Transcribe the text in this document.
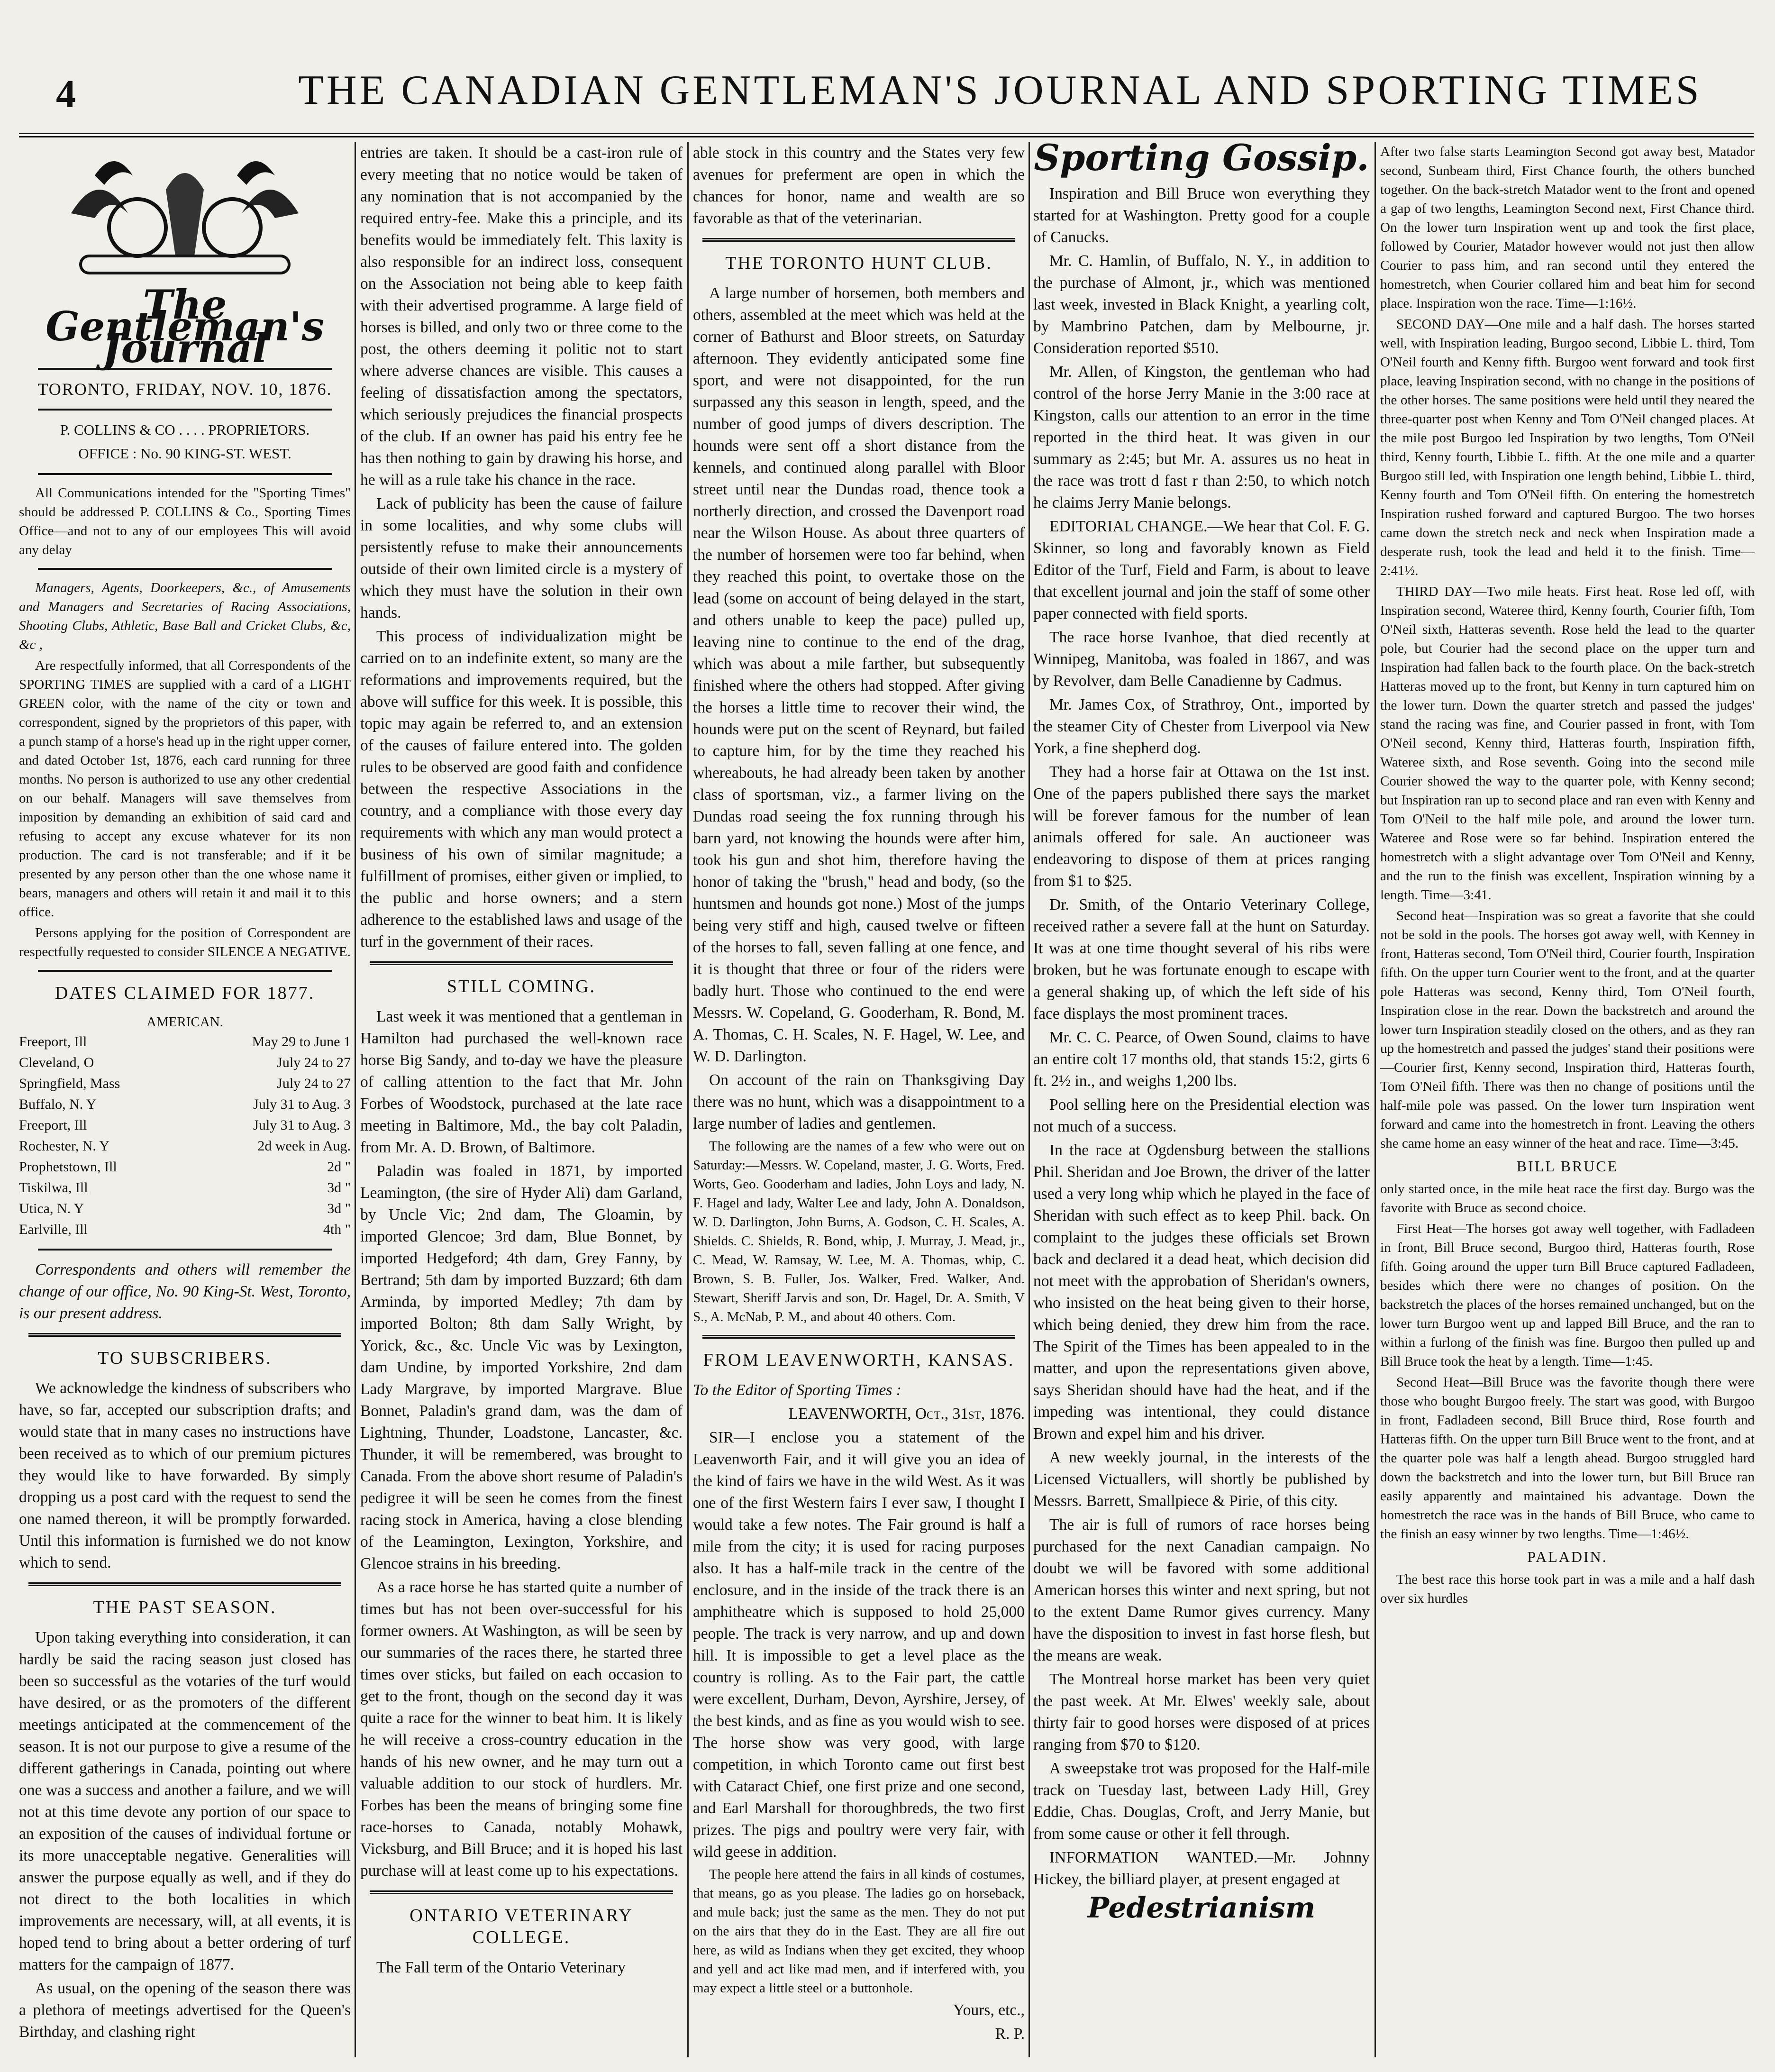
4	THE CANADIAN GENTLEMAN'S JOURNAL AND SPORTING TIMES
The Gentleman's Journal

TORONTO, FRIDAY, NOV. 10, 1876.

P. COLLINS & CO . . . . PROPRIETORS.

OFFICE : No. 90 KING-ST. WEST.

All Communications intended for the "Sporting Times" should be addressed P. COLLINS & Co., Sporting Times Office—and not to any of our employees This will avoid any delay

Managers, Agents, Doorkeepers, &c., of Amusements and Managers and Secretaries of Racing Associations, Shooting Clubs, Athletic, Base Ball and Cricket Clubs, &c, &c ,

Are respectfully informed, that all Correspondents of the SPORTING TIMES are supplied with a card of a LIGHT GREEN color, with the name of the city or town and correspondent, signed by the proprietors of this paper, with a punch stamp of a horse's head up in the right upper corner, and dated October 1st, 1876, each card running for three months. No person is authorized to use any other credential on our behalf. Managers will save themselves from imposition by demanding an exhibition of said card and refusing to accept any excuse whatever for its non production. The card is not transferable; and if it be presented by any person other than the one whose name it bears, managers and others will retain it and mail it to this office.

Persons applying for the position of Correspondent are respectfully requested to consider SILENCE A NEGATIVE.

DATES CLAIMED FOR 1877.
AMERICAN.
Freeport, Ill	May 29 to June 1
Cleveland, O	July 24 to 27
Springfield, Mass	July 24 to 27
Buffalo, N. Y	July 31 to Aug. 3
Freeport, Ill	July 31 to Aug. 3
Rochester, N. Y	2d week in Aug.
Prophetstown, Ill	2d "
Tiskilwa, Ill	3d "
Utica, N. Y	3d "
Earlville, Ill	4th "

Correspondents and others will remember the change of our office, No. 90 King-St. West, Toronto, is our present address.

TO SUBSCRIBERS.

We acknowledge the kindness of subscribers who have, so far, accepted our subscription drafts; and would state that in many cases no instructions have been received as to which of our premium pictures they would like to have forwarded. By simply dropping us a post card with the request to send the one named thereon, it will be promptly forwarded. Until this information is furnished we do not know which to send.

THE PAST SEASON.

Upon taking everything into consideration, it can hardly be said the racing season just closed has been so successful as the votaries of the turf would have desired, or as the promoters of the different meetings anticipated at the commencement of the season. It is not our purpose to give a resume of the different gatherings in Canada, pointing out where one was a success and another a failure, and we will not at this time devote any portion of our space to an exposition of the causes of individual fortune or its more unacceptable negative. Generalities will answer the purpose equally as well, and if they do not direct to the both localities in which improvements are necessary, will, at all events, it is hoped tend to bring about a better ordering of turf matters for the campaign of 1877.

As usual, on the opening of the season there was a plethora of meetings advertised for the Queen's Birthday, and clashing right

entries are taken. It should be a cast-iron rule of every meeting that no notice would be taken of any nomination that is not accompanied by the required entry-fee. Make this a principle, and its benefits would be immediately felt. This laxity is also responsible for an indirect loss, consequent on the Association not being able to keep faith with their advertised programme. A large field of horses is billed, and only two or three come to the post, the others deeming it politic not to start where adverse chances are visible. This causes a feeling of dissatisfaction among the spectators, which seriously prejudices the financial prospects of the club. If an owner has paid his entry fee he has then nothing to gain by drawing his horse, and he will as a rule take his chance in the race.

Lack of publicity has been the cause of failure in some localities, and why some clubs will persistently refuse to make their announcements outside of their own limited circle is a mystery of which they must have the solution in their own hands.

This process of individualization might be carried on to an indefinite extent, so many are the reformations and improvements required, but the above will suffice for this week. It is possible, this topic may again be referred to, and an extension of the causes of failure entered into. The golden rules to be observed are good faith and confidence between the respective Associations in the country, and a compliance with those every day requirements with which any man would protect a business of his own of similar magnitude; a fulfillment of promises, either given or implied, to the public and horse owners; and a stern adherence to the established laws and usage of the turf in the government of their races.

STILL COMING.

Last week it was mentioned that a gentleman in Hamilton had purchased the well-known race horse Big Sandy, and to-day we have the pleasure of calling attention to the fact that Mr. John Forbes of Woodstock, purchased at the late race meeting in Baltimore, Md., the bay colt Paladin, from Mr. A. D. Brown, of Baltimore.

Paladin was foaled in 1871, by imported Leamington, (the sire of Hyder Ali) dam Garland, by Uncle Vic; 2nd dam, The Gloamin, by imported Glencoe; 3rd dam, Blue Bonnet, by imported Hedgeford; 4th dam, Grey Fanny, by Bertrand; 5th dam by imported Buzzard; 6th dam Arminda, by imported Medley; 7th dam by imported Bolton; 8th dam Sally Wright, by Yorick, &c., &c. Uncle Vic was by Lexington, dam Undine, by imported Yorkshire, 2nd dam Lady Margrave, by imported Margrave. Blue Bonnet, Paladin's grand dam, was the dam of Lightning, Thunder, Loadstone, Lancaster, &c. Thunder, it will be remembered, was brought to Canada. From the above short resume of Paladin's pedigree it will be seen he comes from the finest racing stock in America, having a close blending of the Leamington, Lexington, Yorkshire, and Glencoe strains in his breeding.

As a race horse he has started quite a number of times but has not been over-successful for his former owners. At Washington, as will be seen by our summaries of the races there, he started three times over sticks, but failed on each occasion to get to the front, though on the second day it was quite a race for the winner to beat him. It is likely he will receive a cross-country education in the hands of his new owner, and he may turn out a valuable addition to our stock of hurdlers. Mr. Forbes has been the means of bringing some fine race-horses to Canada, notably Mohawk, Vicksburg, and Bill Bruce; and it is hoped his last purchase will at least come up to his expectations.

ONTARIO VETERINARY COLLEGE.

The Fall term of the Ontario Veterinary

able stock in this country and the States very few avenues for preferment are open in which the chances for honor, name and wealth are so favorable as that of the veterinarian.

THE TORONTO HUNT CLUB.

A large number of horsemen, both members and others, assembled at the meet which was held at the corner of Bathurst and Bloor streets, on Saturday afternoon. They evidently anticipated some fine sport, and were not disappointed, for the run surpassed any this season in length, speed, and the number of good jumps of divers description. The hounds were sent off a short distance from the kennels, and continued along parallel with Bloor street until near the Dundas road, thence took a northerly direction, and crossed the Davenport road near the Wilson House. As about three quarters of the number of horsemen were too far behind, when they reached this point, to overtake those on the lead (some on account of being delayed in the start, and others unable to keep the pace) pulled up, leaving nine to continue to the end of the drag, which was about a mile farther, but subsequently finished where the others had stopped. After giving the horses a little time to recover their wind, the hounds were put on the scent of Reynard, but failed to capture him, for by the time they reached his whereabouts, he had already been taken by another class of sportsman, viz., a farmer living on the Dundas road seeing the fox running through his barn yard, not knowing the hounds were after him, took his gun and shot him, therefore having the honor of taking the "brush," head and body, (so the huntsmen and hounds got none.) Most of the jumps being very stiff and high, caused twelve or fifteen of the horses to fall, seven falling at one fence, and it is thought that three or four of the riders were badly hurt. Those who continued to the end were Messrs. W. Copeland, G. Gooderham, R. Bond, M. A. Thomas, C. H. Scales, N. F. Hagel, W. Lee, and W. D. Darlington.

On account of the rain on Thanksgiving Day there was no hunt, which was a disappointment to a large number of ladies and gentlemen.

The following are the names of a few who were out on Saturday:—Messrs. W. Copeland, master, J. G. Worts, Fred. Worts, Geo. Gooderham and ladies, John Loys and lady, N. F. Hagel and lady, Walter Lee and lady, John A. Donaldson, W. D. Darlington, John Burns, A. Godson, C. H. Scales, A. Shields. C. Shields, R. Bond, whip, J. Murray, J. Mead, jr., C. Mead, W. Ramsay, W. Lee, M. A. Thomas, whip, C. Brown, S. B. Fuller, Jos. Walker, Fred. Walker, And. Stewart, Sheriff Jarvis and son, Dr. Hagel, Dr. A. Smith, V S., A. McNab, P. M., and about 40 others. Com.

FROM LEAVENWORTH, KANSAS.

To the Editor of Sporting Times :

LEAVENWORTH, Oct., 31st, 1876.

SIR—I enclose you a statement of the Leavenworth Fair, and it will give you an idea of the kind of fairs we have in the wild West. As it was one of the first Western fairs I ever saw, I thought I would take a few notes. The Fair ground is half a mile from the city; it is used for racing purposes also. It has a half-mile track in the centre of the enclosure, and in the inside of the track there is an amphitheatre which is supposed to hold 25,000 people. The track is very narrow, and up and down hill. It is impossible to get a level place as the country is rolling. As to the Fair part, the cattle were excellent, Durham, Devon, Ayrshire, Jersey, of the best kinds, and as fine as you would wish to see. The horse show was very good, with large competition, in which Toronto came out first best with Cataract Chief, one first prize and one second, and Earl Marshall for thoroughbreds, the two first prizes. The pigs and poultry were very fair, with wild geese in addition.

The people here attend the fairs in all kinds of costumes, that means, go as you please. The ladies go on horseback, and mule back; just the same as the men. They do not put on the airs that they do in the East. They are all fire out here, as wild as Indians when they get excited, they whoop and yell and act like mad men, and if interfered with, you may expect a little steel or a buttonhole.

Yours, etc.,

R. P.

Sporting Gossip.

Inspiration and Bill Bruce won everything they started for at Washington. Pretty good for a couple of Canucks.

Mr. C. Hamlin, of Buffalo, N. Y., in addition to the purchase of Almont, jr., which was mentioned last week, invested in Black Knight, a yearling colt, by Mambrino Patchen, dam by Melbourne, jr. Consideration reported $510.

Mr. Allen, of Kingston, the gentleman who had control of the horse Jerry Manie in the 3:00 race at Kingston, calls our attention to an error in the time reported in the third heat. It was given in our summary as 2:45; but Mr. A. assures us no heat in the race was trott d fast r than 2:50, to which notch he claims Jerry Manie belongs.

EDITORIAL CHANGE.—We hear that Col. F. G. Skinner, so long and favorably known as Field Editor of the Turf, Field and Farm, is about to leave that excellent journal and join the staff of some other paper connected with field sports.

The race horse Ivanhoe, that died recently at Winnipeg, Manitoba, was foaled in 1867, and was by Revolver, dam Belle Canadienne by Cadmus.

Mr. James Cox, of Strathroy, Ont., imported by the steamer City of Chester from Liverpool via New York, a fine shepherd dog.

They had a horse fair at Ottawa on the 1st inst. One of the papers published there says the market will be forever famous for the number of lean animals offered for sale. An auctioneer was endeavoring to dispose of them at prices ranging from $1 to $25.

Dr. Smith, of the Ontario Veterinary College, received rather a severe fall at the hunt on Saturday. It was at one time thought several of his ribs were broken, but he was fortunate enough to escape with a general shaking up, of which the left side of his face displays the most prominent traces.

Mr. C. C. Pearce, of Owen Sound, claims to have an entire colt 17 months old, that stands 15:2, girts 6 ft. 2½ in., and weighs 1,200 lbs.

Pool selling here on the Presidential election was not much of a success.

In the race at Ogdensburg between the stallions Phil. Sheridan and Joe Brown, the driver of the latter used a very long whip which he played in the face of Sheridan with such effect as to keep Phil. back. On complaint to the judges these officials set Brown back and declared it a dead heat, which decision did not meet with the approbation of Sheridan's owners, who insisted on the heat being given to their horse, which being denied, they drew him from the race. The Spirit of the Times has been appealed to in the matter, and upon the representations given above, says Sheridan should have had the heat, and if the impeding was intentional, they could distance Brown and expel him and his driver.

A new weekly journal, in the interests of the Licensed Victuallers, will shortly be published by Messrs. Barrett, Smallpiece & Pirie, of this city.

The air is full of rumors of race horses being purchased for the next Canadian campaign. No doubt we will be favored with some additional American horses this winter and next spring, but not to the extent Dame Rumor gives currency. Many have the disposition to invest in fast horse flesh, but the means are weak.

The Montreal horse market has been very quiet the past week. At Mr. Elwes' weekly sale, about thirty fair to good horses were disposed of at prices ranging from $70 to $120.

A sweepstake trot was proposed for the Half-mile track on Tuesday last, between Lady Hill, Grey Eddie, Chas. Douglas, Croft, and Jerry Manie, but from some cause or other it fell through.

INFORMATION WANTED.—Mr. Johnny Hickey, the billiard player, at present engaged at

Pedestrianism

After two false starts Leamington Second got away best, Matador second, Sunbeam third, First Chance fourth, the others bunched together. On the back-stretch Matador went to the front and opened a gap of two lengths, Leamington Second next, First Chance third. On the lower turn Inspiration went up and took the first place, followed by Courier, Matador however would not just then allow Courier to pass him, and ran second until they entered the homestretch, when Courier collared him and beat him for second place. Inspiration won the race. Time—1:16½.

SECOND DAY—One mile and a half dash. The horses started well, with Inspiration leading, Burgoo second, Libbie L. third, Tom O'Neil fourth and Kenny fifth. Burgoo went forward and took first place, leaving Inspiration second, with no change in the positions of the other horses. The same positions were held until they neared the three-quarter post when Kenny and Tom O'Neil changed places. At the mile post Burgoo led Inspiration by two lengths, Tom O'Neil third, Kenny fourth, Libbie L. fifth. At the one mile and a quarter Burgoo still led, with Inspiration one length behind, Libbie L. third, Kenny fourth and Tom O'Neil fifth. On entering the homestretch Inspiration rushed forward and captured Burgoo. The two horses came down the stretch neck and neck when Inspiration made a desperate rush, took the lead and held it to the finish. Time—2:41½.

THIRD DAY—Two mile heats. First heat. Rose led off, with Inspiration second, Wateree third, Kenny fourth, Courier fifth, Tom O'Neil sixth, Hatteras seventh. Rose held the lead to the quarter pole, but Courier had the second place on the upper turn and Inspiration had fallen back to the fourth place. On the back-stretch Hatteras moved up to the front, but Kenny in turn captured him on the lower turn. Down the quarter stretch and passed the judges' stand the racing was fine, and Courier passed in front, with Tom O'Neil second, Kenny third, Hatteras fourth, Inspiration fifth, Wateree sixth, and Rose seventh. Going into the second mile Courier showed the way to the quarter pole, with Kenny second; but Inspiration ran up to second place and ran even with Kenny and Tom O'Neil to the half mile pole, and around the lower turn. Wateree and Rose were so far behind. Inspiration entered the homestretch with a slight advantage over Tom O'Neil and Kenny, and the run to the finish was excellent, Inspiration winning by a length. Time—3:41.

Second heat—Inspiration was so great a favorite that she could not be sold in the pools. The horses got away well, with Kenney in front, Hatteras second, Tom O'Neil third, Courier fourth, Inspiration fifth. On the upper turn Courier went to the front, and at the quarter pole Hatteras was second, Kenny third, Tom O'Neil fourth, Inspiration close in the rear. Down the backstretch and around the lower turn Inspiration steadily closed on the others, and as they ran up the homestretch and passed the judges' stand their positions were—Courier first, Kenny second, Inspiration third, Hatteras fourth, Tom O'Neil fifth. There was then no change of positions until the half-mile pole was passed. On the lower turn Inspiration went forward and came into the homestretch in front. Leaving the others she came home an easy winner of the heat and race. Time—3:45.

BILL BRUCE

only started once, in the mile heat race the first day. Burgo was the favorite with Bruce as second choice.

First Heat—The horses got away well together, with Fadladeen in front, Bill Bruce second, Burgoo third, Hatteras fourth, Rose fifth. Going around the upper turn Bill Bruce captured Fadladeen, besides which there were no changes of position. On the backstretch the places of the horses remained unchanged, but on the lower turn Burgoo went up and lapped Bill Bruce, and the ran to within a furlong of the finish was fine. Burgoo then pulled up and Bill Bruce took the heat by a length. Time—1:45.

Second Heat—Bill Bruce was the favorite though there were those who bought Burgoo freely. The start was good, with Burgoo in front, Fadladeen second, Bill Bruce third, Rose fourth and Hatteras fifth. On the upper turn Bill Bruce went to the front, and at the quarter pole was half a length ahead. Burgoo struggled hard down the backstretch and into the lower turn, but Bill Bruce ran easily apparently and maintained his advantage. Down the homestretch the race was in the hands of Bill Bruce, who came to the finish an easy winner by two lengths. Time—1:46½.

PALADIN.

The best race this horse took part in was a mile and a half dash over six hurdles
